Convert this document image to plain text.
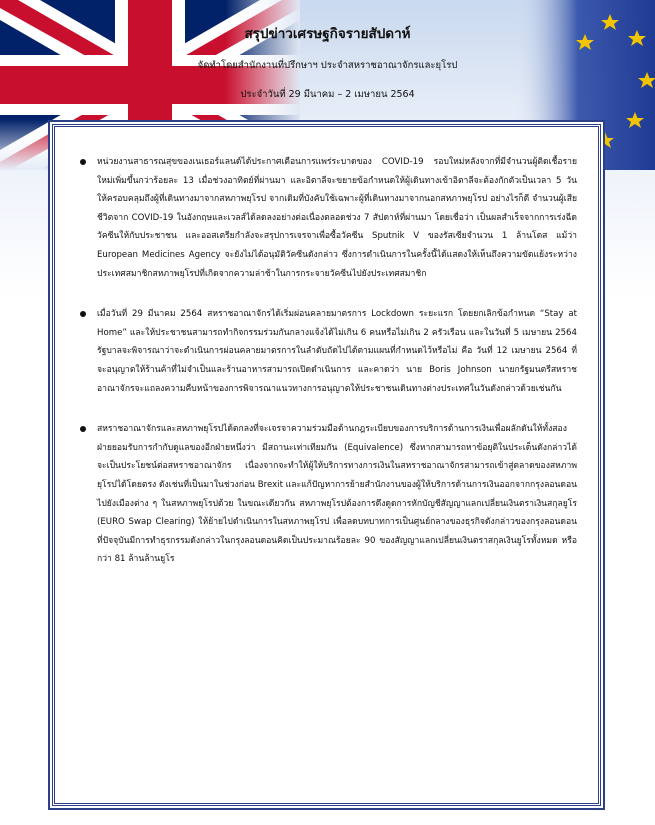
สรุปข่าวเศรษฐกิจรายสัปดาห์
จัดทำโดยสำนักงานที่ปรึกษาฯ ประจำสหราชอาณาจักรและยุโรป
ประจำวันที่ 29 มีนาคม – 2 เมษายน 2564
หน่วยงานสาธารณสุขของเนเธอร์แลนด์ได้ประกาศเตือนการแพร่ระบาดของ COVID-19 รอบใหม่หลังจากที่มีจำนวนผู้ติดเชื้อรายใหม่เพิ่มขึ้นกว่าร้อยละ 13 เมื่อช่วงอาทิตย์ที่ผ่านมา และอิตาลีจะขยายข้อกำหนดให้ผู้เดินทางเข้าอิตาลีจะต้องกักตัวเป็นเวลา 5 วัน ให้ครอบคลุมถึงผู้ที่เดินทางมาจากสหภาพยุโรป จากเดิมที่บังคับใช้เฉพาะผู้ที่เดินทางมาจากนอกสหภาพยุโรป อย่างไรก็ดี จำนวนผู้เสียชีวิตจาก COVID-19 ในอังกฤษและเวลส์ได้ลดลงอย่างต่อเนื่องตลอดช่วง 7 สัปดาห์ที่ผ่านมา โดยเชื่อว่า เป็นผลสำเร็จจากการเร่งฉีดวัคซีนให้กับประชาชน และออสเตรียกำลังจะสรุปการเจรจาเพื่อซื้อวัคซีน Sputnik V ของรัสเซียจำนวน 1 ล้านโดส แม้ว่า European Medicines Agency จะยังไม่ได้อนุมัติวัคซีนดังกล่าว ซึ่งการดำเนินการในครั้งนี้ได้แสดงให้เห็นถึงความขัดแย้งระหว่างประเทศสมาชิกสหภาพยุโรปที่เกิดจากความล่าช้าในการกระจายวัคซีนไปยังประเทศสมาชิก
เมื่อวันที่ 29 มีนาคม 2564 สหราชอาณาจักรได้เริ่มผ่อนคลายมาตรการ Lockdown ระยะแรก โดยยกเลิกข้อกำหนด “Stay at Home” และให้ประชาชนสามารถทำกิจกรรมร่วมกันกลางแจ้งได้ไม่เกิน 6 คนหรือไม่เกิน 2 ครัวเรือน และในวันที่ 5 เมษายน 2564 รัฐบาลจะพิจารณาว่าจะดำเนินการผ่อนคลายมาตรการในลำดับถัดไปได้ตามแผนที่กำหนดไว้หรือไม่ คือ วันที่ 12 เมษายน 2564 ที่จะอนุญาตให้ร้านค้าที่ไม่จำเป็นและร้านอาหารสามารถเปิดดำเนินการ และคาดว่า นาย Boris Johnson นายกรัฐมนตรีสหราชอาณาจักรจะแถลงความคืบหน้าของการพิจารณาแนวทางการอนุญาตให้ประชาชนเดินทางต่างประเทศในวันดังกล่าวด้วยเช่นกัน
สหราชอาณาจักรและสหภาพยุโรปได้ตกลงที่จะเจรจาความร่วมมือด้านกฎระเบียบของการบริการด้านการเงินเพื่อผลักดันให้ทั้งสองฝ่ายยอมรับการกำกับดูแลของอีกฝ่ายหนึ่งว่า มีสถานะเท่าเทียมกัน (Equivalence) ซึ่งหากสามารถหาข้อยุติในประเด็นดังกล่าวได้ จะเป็นประโยชน์ต่อสหราชอาณาจักร เนื่องจากจะทำให้ผู้ให้บริการทางการเงินในสหราชอาณาจักรสามารถเข้าสู่ตลาดของสหภาพยุโรปได้โดยตรง ดังเช่นที่เป็นมาในช่วงก่อน Brexit และแก้ปัญหาการย้ายสำนักงานของผู้ให้บริการด้านการเงินออกจากกรุงลอนดอนไปยังเมืองต่าง ๆ ในสหภาพยุโรปด้วย ในขณะเดียวกัน สหภาพยุโรปต้องการดึงดูดการหักบัญชีสัญญาแลกเปลี่ยนเงินตราเงินสกุลยูโร (EURO Swap Clearing) ให้ย้ายไปดำเนินการในสหภาพยุโรป เพื่อลดบทบาทการเป็นศูนย์กลางของธุรกิจดังกล่าวของกรุงลอนดอน ที่ปัจจุบันมีการทำธุรกรรมดังกล่าวในกรุงลอนดอนคิดเป็นประมาณร้อยละ 90 ของสัญญาแลกเปลี่ยนเงินตราสกุลเงินยูโรทั้งหมด หรือกว่า 81 ล้านล้านยูโร
